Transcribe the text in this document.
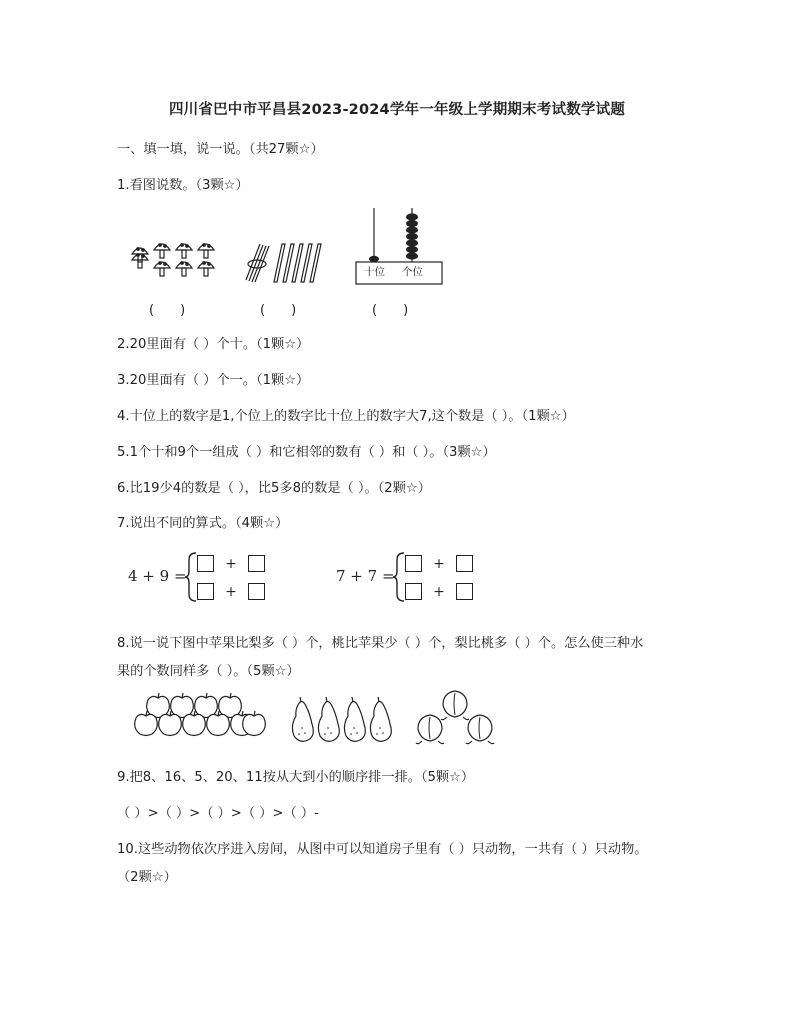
四川省巴中市平昌县2023-2024学年一年级上学期期末考试数学试题
一、填一填，说一说。（共27颗☆）
1.看图说数。（3颗☆）
(　　)	(　　)
十位 个位
(　　)
2.20里面有（ ）个十。（1颗☆）
3.20里面有（ ）个一。（1颗☆）
4.十位上的数字是1,个位上的数字比十位上的数字大7,这个数是（ ）。（1颗☆）
5.1个十和9个一组成（ ）和它相邻的数有（ ）和（ ）。（3颗☆）
6.比19少4的数是（ ），比5多8的数是（ ）。（2颗☆）
7.说出不同的算式。（4颗☆）
4 + 9 =
+
+
7 + 7 =
+
+
8.说一说下图中苹果比梨多（ ）个，桃比苹果少（ ）个，梨比桃多（ ）个。怎么使三种水
果的个数同样多（ ）。（5颗☆）
9.把8、16、5、20、11按从大到小的顺序排一排。（5颗☆）
（ ）>（ ）>（ ）>（ ）>（ ）-
10.这些动物依次序进入房间，从图中可以知道房子里有（ ）只动物，一共有（ ）只动物。
（2颗☆）
